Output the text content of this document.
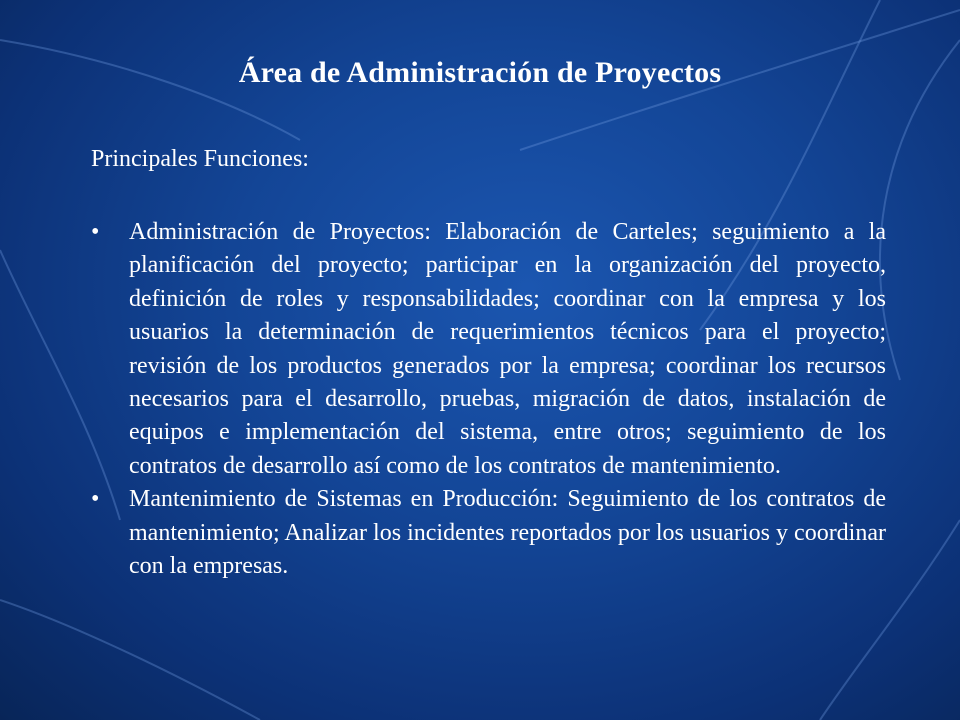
Área de Administración de Proyectos
Principales Funciones:
• Administración de Proyectos: Elaboración de Carteles; seguimiento a la planificación del proyecto; participar en la organización del proyecto, definición de roles y responsabilidades; coordinar con la empresa y los usuarios la determinación de requerimientos técnicos para el proyecto; revisión de los productos generados por la empresa; coordinar los recursos necesarios para el desarrollo, pruebas, migración de datos, instalación de equipos e implementación del sistema, entre otros; seguimiento de los contratos de desarrollo así como de los contratos de mantenimiento.
• Mantenimiento de Sistemas en Producción: Seguimiento de los contratos de mantenimiento; Analizar los incidentes reportados por los usuarios y coordinar con la empresas.
